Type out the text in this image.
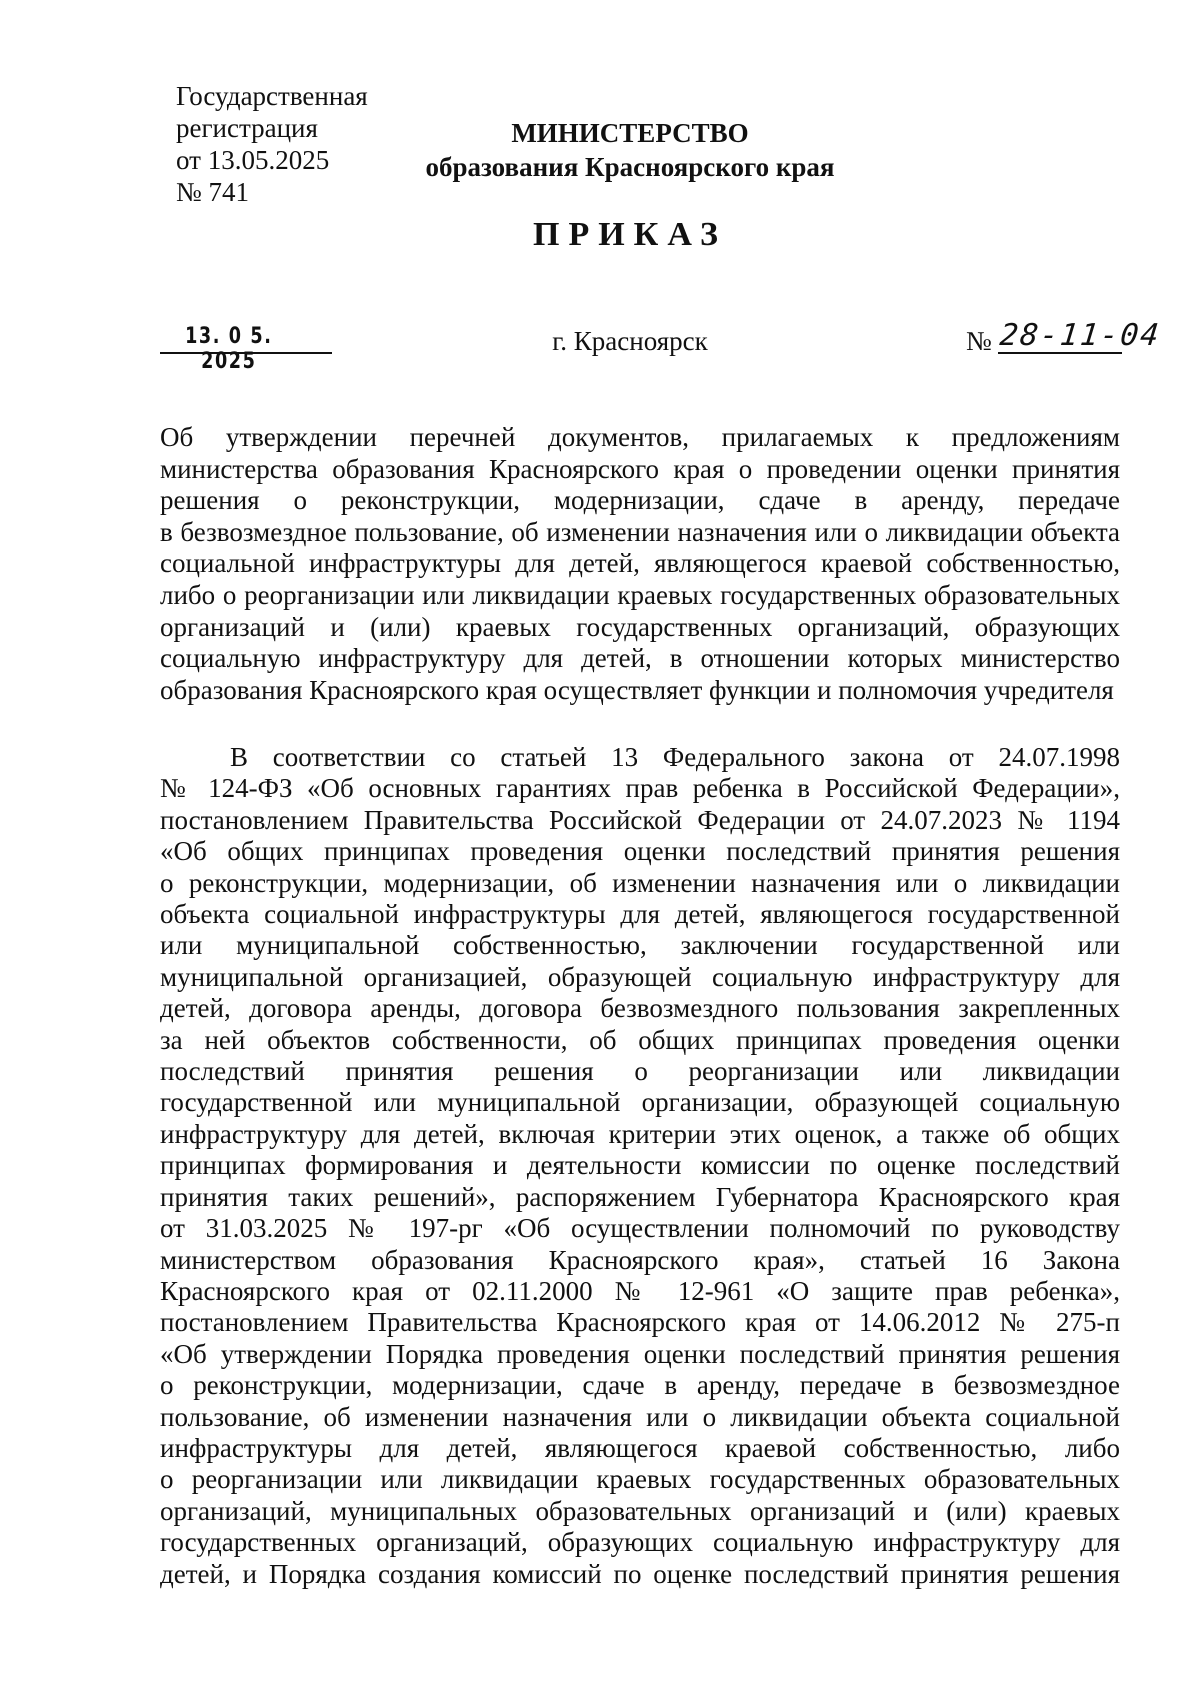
Государственная
регистрация
от 13.05.2025
№ 741
МИНИСТЕРСТВО
образования Красноярского края
ПРИКАЗ
13. 0 5. 2025
г. Красноярск	№ 28-11-04
Об утверждении перечней документов, прилагаемых к предложениям
министерства образования Красноярского края о проведении оценки принятия
решения о реконструкции, модернизации, сдаче в аренду, передаче
в безвозмездное пользование, об изменении назначения или о ликвидации объекта
социальной инфраструктуры для детей, являющегося краевой собственностью,
либо о реорганизации или ликвидации краевых государственных образовательных
организаций и (или) краевых государственных организаций, образующих
социальную инфраструктуру для детей, в отношении которых министерство
образования Красноярского края осуществляет функции и полномочия учредителя
В соответствии со статьей 13 Федерального закона от 24.07.1998
№ 124-ФЗ «Об основных гарантиях прав ребенка в Российской Федерации»,
постановлением Правительства Российской Федерации от 24.07.2023 № 1194
«Об общих принципах проведения оценки последствий принятия решения
о реконструкции, модернизации, об изменении назначения или о ликвидации
объекта социальной инфраструктуры для детей, являющегося государственной
или муниципальной собственностью, заключении государственной или
муниципальной организацией, образующей социальную инфраструктуру для
детей, договора аренды, договора безвозмездного пользования закрепленных
за ней объектов собственности, об общих принципах проведения оценки
последствий принятия решения о реорганизации или ликвидации
государственной или муниципальной организации, образующей социальную
инфраструктуру для детей, включая критерии этих оценок, а также об общих
принципах формирования и деятельности комиссии по оценке последствий
принятия таких решений», распоряжением Губернатора Красноярского края
от 31.03.2025 № 197-рг «Об осуществлении полномочий по руководству
министерством образования Красноярского края», статьей 16 Закона
Красноярского края от 02.11.2000 № 12-961 «О защите прав ребенка»,
постановлением Правительства Красноярского края от 14.06.2012 № 275-п
«Об утверждении Порядка проведения оценки последствий принятия решения
о реконструкции, модернизации, сдаче в аренду, передаче в безвозмездное
пользование, об изменении назначения или о ликвидации объекта социальной
инфраструктуры для детей, являющегося краевой собственностью, либо
о реорганизации или ликвидации краевых государственных образовательных
организаций, муниципальных образовательных организаций и (или) краевых
государственных организаций, образующих социальную инфраструктуру для
детей, и Порядка создания комиссий по оценке последствий принятия решения
